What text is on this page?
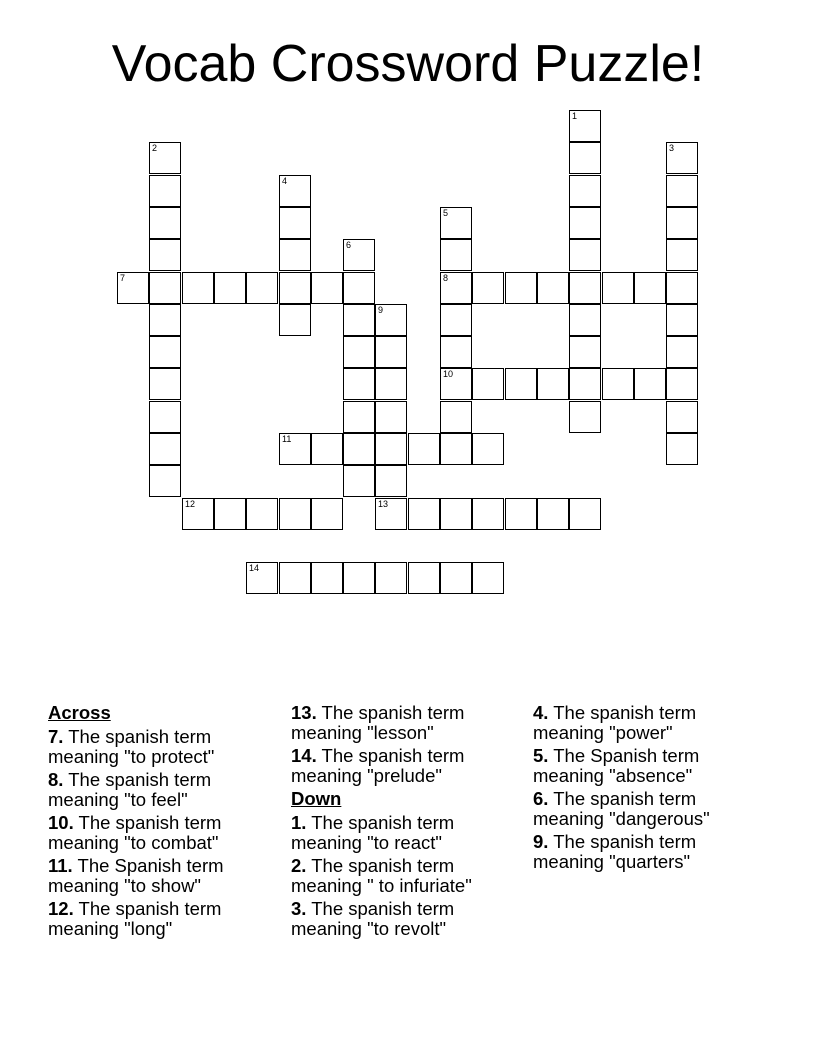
Vocab Crossword Puzzle!
1
2	3
4
5
8
10
6
7
9
13
11
12
14
Across
7. The spanish term meaning "to protect"
8. The spanish term meaning "to feel"
10. The spanish term meaning "to combat"
11. The Spanish term meaning "to show"
12. The spanish term meaning "long"
13. The spanish term meaning "lesson"
14. The spanish term meaning "prelude"
Down
1. The spanish term meaning "to react"
2. The spanish term meaning " to infuriate"
3. The spanish term meaning "to revolt"
4. The spanish term meaning "power"
5. The Spanish term meaning "absence"
6. The spanish term meaning "dangerous"
9. The spanish term meaning "quarters"
